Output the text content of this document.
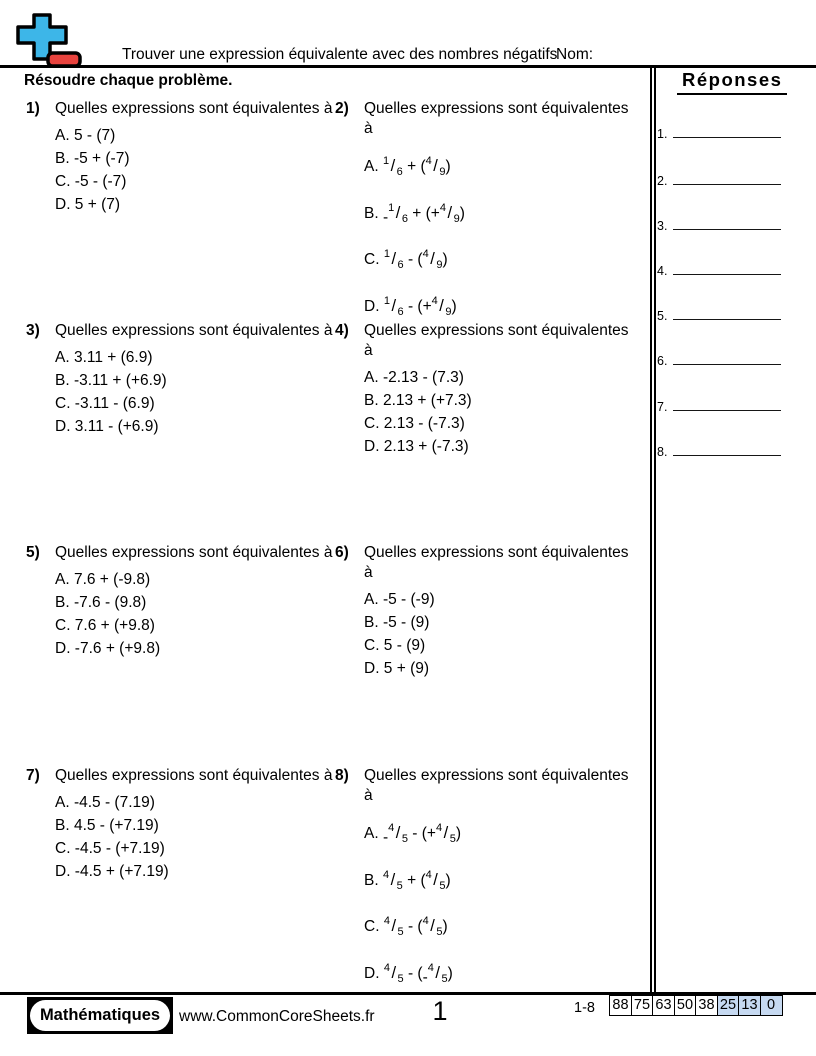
Trouver une expression équivalente avec des nombres négatifs
Nom:
Résoudre chaque problème.	Réponses
1.
2.
3.
4.
5.
6.
7.
8.
1) Quelles expressions sont équivalentes à
A. 5 - (7)
B. -5 + (-7)
C. -5 - (-7)
D. 5 + (7)
2) Quelles expressions sont équivalentes
à
A. $^1$/ $_6$ + ($^4$/ $_9$)
B. -$^1$/ $_6$ + (+$^4$/ $_9$)
C. $^1$/ $_6$ - ($^4$/ $_9$)
D. $^1$/ $_6$ - (+$^4$/ $_9$)
3) Quelles expressions sont équivalentes à
A. 3.11 + (6.9)
B. -3.11 + (+6.9)
C. -3.11 - (6.9)
D. 3.11 - (+6.9)
4) Quelles expressions sont équivalentes
à
A. -2.13 - (7.3)
B. 2.13 + (+7.3)
C. 2.13 - (-7.3)
D. 2.13 + (-7.3)
5) Quelles expressions sont équivalentes à
A. 7.6 + (-9.8)
B. -7.6 - (9.8)
C. 7.6 + (+9.8)
D. -7.6 + (+9.8)
6) Quelles expressions sont équivalentes
à
A. -5 - (-9)
B. -5 - (9)
C. 5 - (9)
D. 5 + (9)
7) Quelles expressions sont équivalentes à
A. -4.5 - (7.19)
B. 4.5 - (+7.19)
C. -4.5 - (+7.19)
D. -4.5 + (+7.19)
8) Quelles expressions sont équivalentes
à
A. -$^4$/ $_5$ - (+$^4$/ $_5$)
B. $^4$/ $_5$ + ($^4$/ $_5$)
C. $^4$/ $_5$ - ($^4$/ $_5$)
D. $^4$/ $_5$ - (-$^4$/ $_5$)
Mathématiques	www.CommonCoreSheets.fr	1	1-8 88 75 63 50 38 25 13 0
